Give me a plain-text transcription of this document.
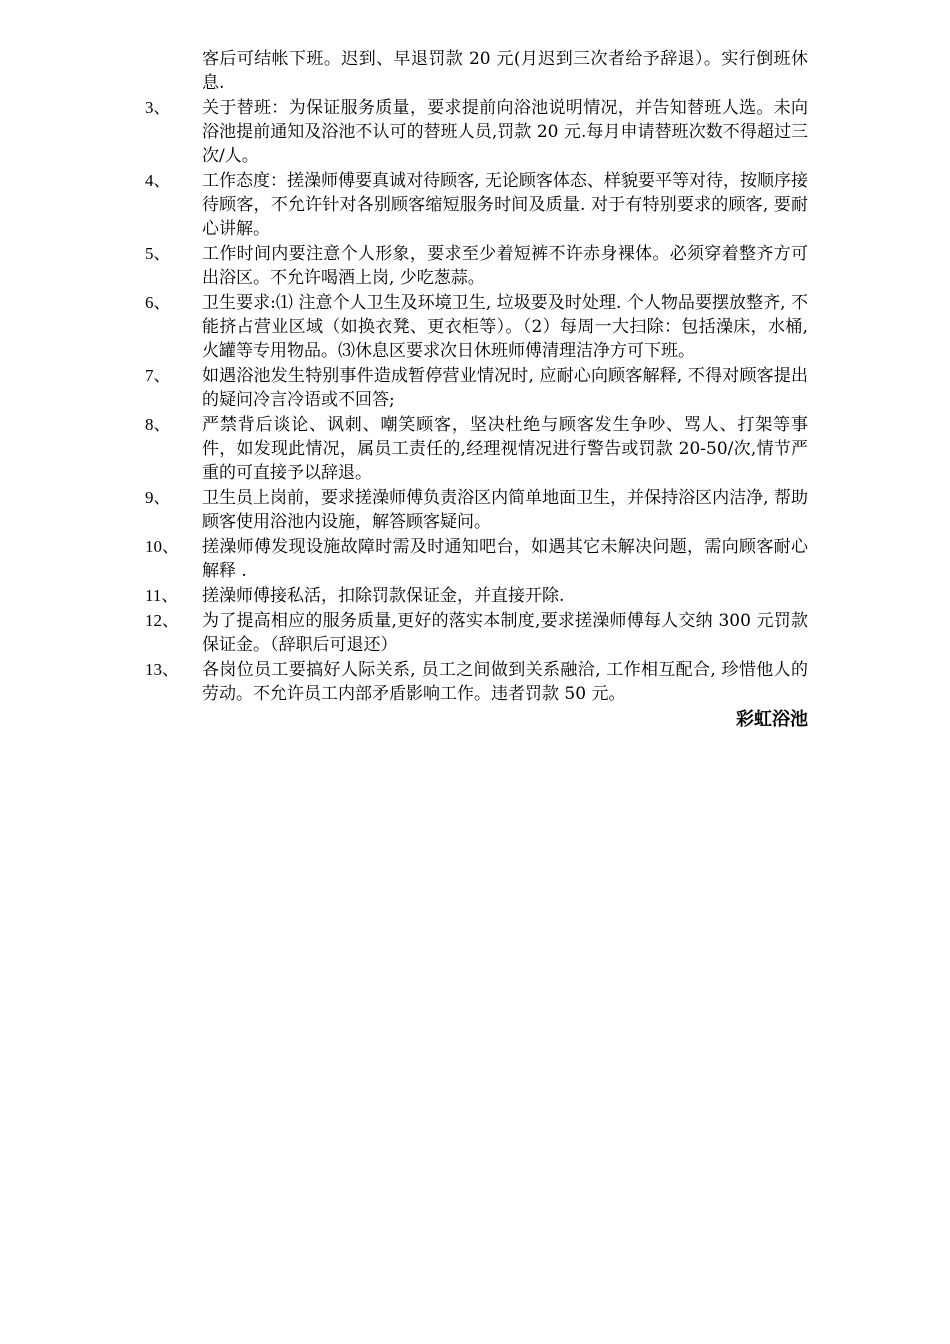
客后可结帐下班。迟到、早退罚款 20 元(月迟到三次者给予辞退）。实行倒班休息.
3、 关于替班：为保证服务质量，要求提前向浴池说明情况，并告知替班人选。未向浴池提前通知及浴池不认可的替班人员,罚款 20 元.每月申请替班次数不得超过三次/人。
4、 工作态度：搓澡师傅要真诚对待顾客, 无论顾客体态、样貌要平等对待，按顺序接待顾客，不允许针对各别顾客缩短服务时间及质量. 对于有特别要求的顾客, 要耐心讲解。
5、 工作时间内要注意个人形象，要求至少着短裤不许赤身裸体。必须穿着整齐方可出浴区。不允许喝酒上岗, 少吃葱蒜。
6、 卫生要求:⑴ 注意个人卫生及环境卫生, 垃圾要及时处理. 个人物品要摆放整齐, 不能挤占营业区域（如换衣凳、更衣柜等）。（2）每周一大扫除：包括澡床，水桶, 火罐等专用物品。⑶休息区要求次日休班师傅清理洁净方可下班。
7、 如遇浴池发生特别事件造成暂停营业情况时, 应耐心向顾客解释, 不得对顾客提出的疑问冷言冷语或不回答;
8、 严禁背后谈论、讽刺、嘲笑顾客，坚决杜绝与顾客发生争吵、骂人、打架等事件，如发现此情况，属员工责任的,经理视情况进行警告或罚款 20-50/次,情节严重的可直接予以辞退。
9、 卫生员上岗前，要求搓澡师傅负责浴区内简单地面卫生，并保持浴区内洁净, 帮助顾客使用浴池内设施，解答顾客疑问。
10、 搓澡师傅发现设施故障时需及时通知吧台，如遇其它未解决问题，需向顾客耐心解释 .
11、 搓澡师傅接私活，扣除罚款保证金，并直接开除.
12、 为了提高相应的服务质量,更好的落实本制度,要求搓澡师傅每人交纳 300 元罚款保证金。（辞职后可退还）
13、 各岗位员工要搞好人际关系, 员工之间做到关系融洽, 工作相互配合, 珍惜他人的劳动。不允许员工内部矛盾影响工作。违者罚款 50 元。
彩虹浴池
